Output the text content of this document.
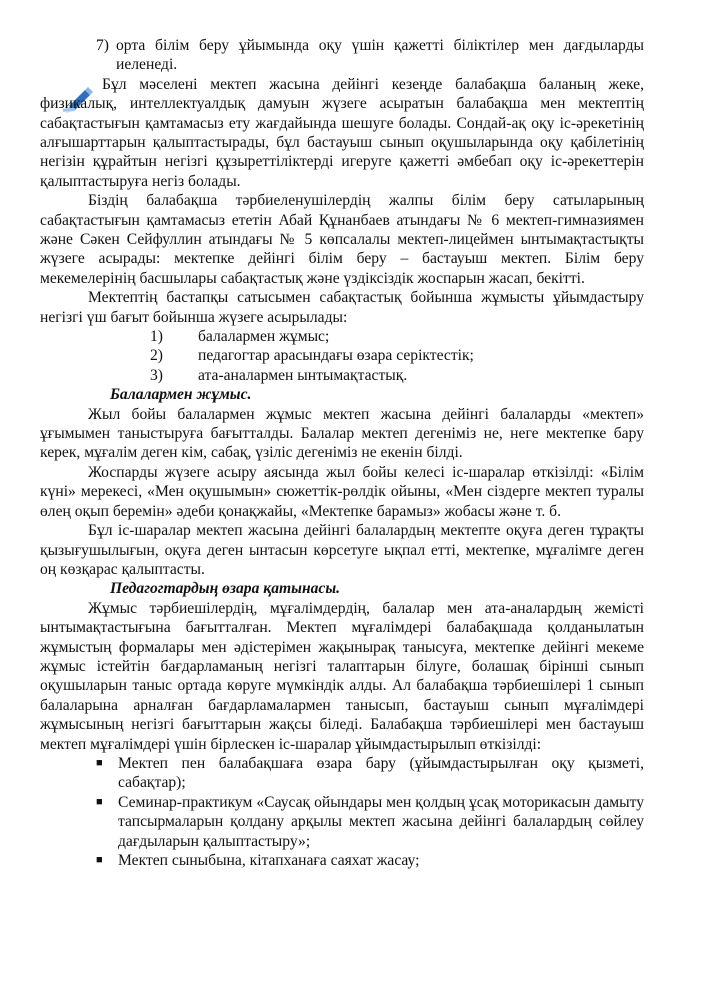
7) орта білім беру ұйымында оқу үшін қажетті біліктілер мен дағдыларды иеленеді.

Бұл мәселені мектеп жасына дейінгі кезеңде балабақша баланың жеке, физикалық, интеллектуалдық дамуын жүзеге асыратын балабақша мен мектептің сабақтастығын қамтамасыз ету жағдайында шешуге болады. Сондай-ақ оқу іс-әрекетінің алғышарттарын қалыптастырады, бұл бастауыш сынып оқушыларында оқу қабілетінің негізін құрайтын негізгі құзыреттіліктерді игеруге қажетті әмбебап оқу іс-әрекеттерін қалыптастыруға негіз болады.

Біздің балабақша тәрбиеленушілердің жалпы білім беру сатыларының сабақтастығын қамтамасыз ететін Абай Құнанбаев атындағы № 6 мектеп-гимназиямен және Сәкен Сейфуллин атындағы № 5 көпсалалы мектеп-лицеймен ынтымақтастықты жүзеге асырады: мектепке дейінгі білім беру – бастауыш мектеп. Білім беру мекемелерінің басшылары сабақтастық және үздіксіздік жоспарын жасап, бекітті.

Мектептің бастапқы сатысымен сабақтастық бойынша жұмысты ұйымдастыру негізгі үш бағыт бойынша жүзеге асырылады:

1)	балалармен жұмыс;
2)	педагогтар арасындағы өзара серіктестік;
3)	ата-аналармен ынтымақтастық.

Балалармен жұмыс.

Жыл бойы балалармен жұмыс мектеп жасына дейінгі балаларды «мектеп» ұғымымен таныстыруға бағытталды. Балалар мектеп дегеніміз не, неге мектепке бару керек, мұғалім деген кім, сабақ, үзіліс дегеніміз не екенін білді.

Жоспарды жүзеге асыру аясында жыл бойы келесі іс-шаралар өткізілді: «Білім күні» мерекесі, «Мен оқушымын» сюжеттік-рөлдік ойыны, «Мен сіздерге мектеп туралы өлең оқып беремін» әдеби қонақжайы, «Мектепке барамыз» жобасы және т. б.

Бұл іс-шаралар мектеп жасына дейінгі балалардың мектепте оқуға деген тұрақты қызығушылығын, оқуға деген ынтасын көрсетуге ықпал етті, мектепке, мұғалімге деген оң көзқарас қалыптасты.

Педагогтардың өзара қатынасы.

Жұмыс тәрбиешілердің, мұғалімдердің, балалар мен ата-аналардың жемісті ынтымақтастығына бағытталған. Мектеп мұғалімдері балабақшада қолданылатын жұмыстың формалары мен әдістерімен жақынырақ танысуға, мектепке дейінгі мекеме жұмыс істейтін бағдарламаның негізгі талаптарын білуге, болашақ бірінші сынып оқушыларын таныс ортада көруге мүмкіндік алды. Ал балабақша тәрбиешілері 1 сынып балаларына арналған бағдарламалармен танысып, бастауыш сынып мұғалімдері жұмысының негізгі бағыттарын жақсы біледі. Балабақша тәрбиешілері мен бастауыш мектеп мұғалімдері үшін бірлескен іс-шаралар ұйымдастырылып өткізілді:

■ Мектеп пен балабақшаға өзара бару (ұйымдастырылған оқу қызметі, сабақтар);
■ Семинар-практикум «Саусақ ойындары мен қолдың ұсақ моторикасын дамыту тапсырмаларын қолдану арқылы мектеп жасына дейінгі балалардың сөйлеу дағдыларын қалыптастыру»;
■ Мектеп сыныбына, кітапханаға саяхат жасау;
